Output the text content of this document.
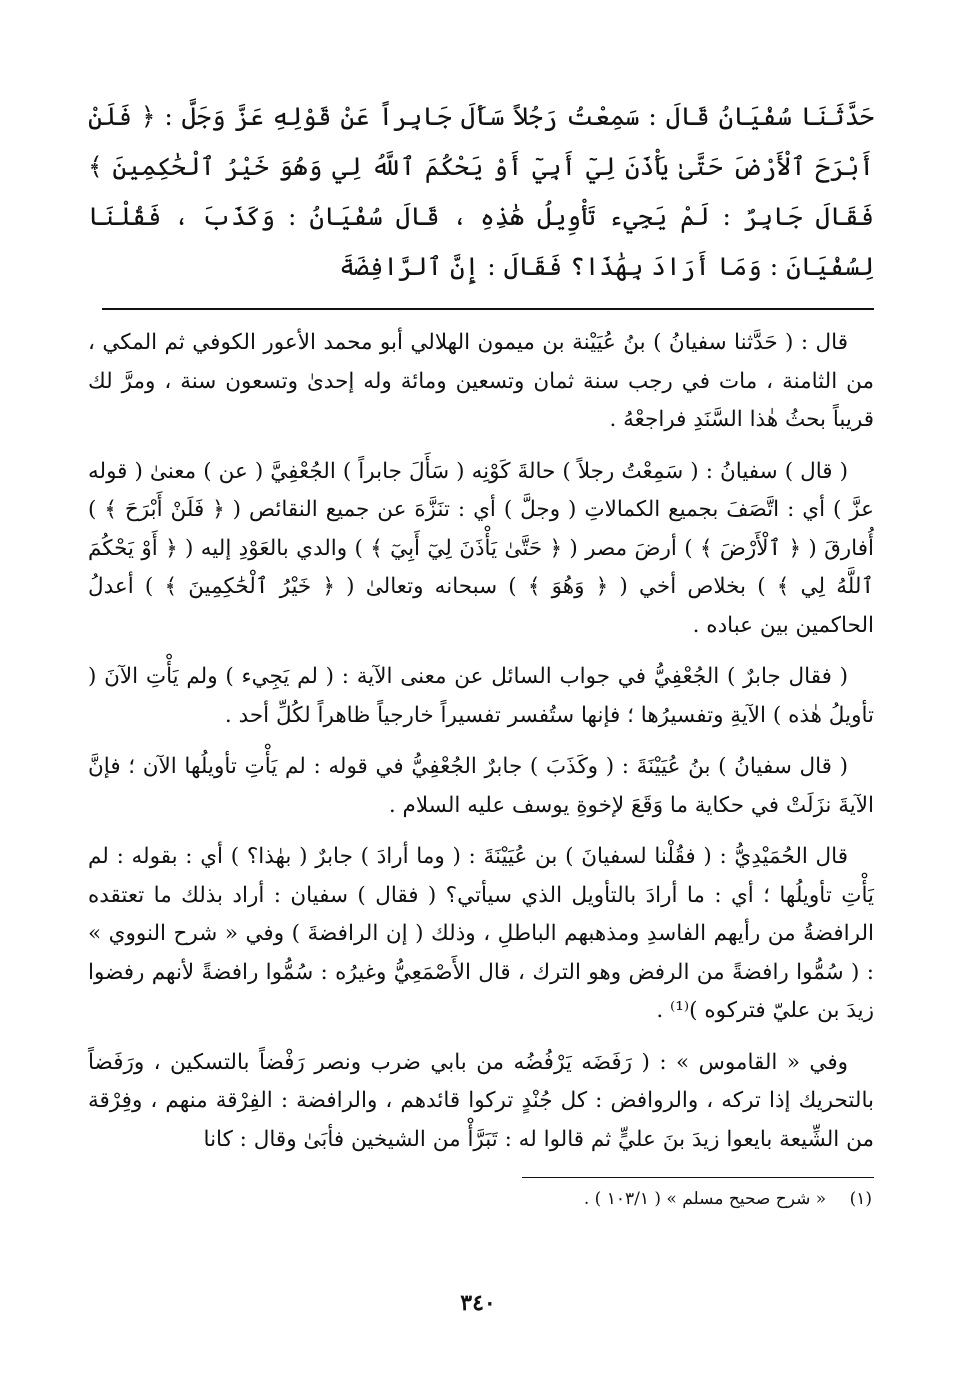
حَدَّثَنَا سُفْيَانُ قَالَ : سَمِعْتُ رَجُلاً سَأَلَ جَابِراً عَنْ قَوْلِهِ عَزَّ وَجَلَّ : ﴿ فَلَنْ أَبْرَحَ ٱلْأَرْضَ حَتَّىٰ يَأْذَنَ لِيٓ أَبِيٓ أَوْ يَحْكُمَ ٱللَّهُ لِي وَهُوَ خَيْرُ ٱلْحَٰكِمِينَ ﴾ فَقَالَ جَابِرٌ : لَمْ يَجِيء تَأْوِيلُ هَٰذِهِ ، قَالَ سُفْيَانُ : وَكَذَبَ ، فَقُلْنَا لِسُفْيَانَ : وَمَا أَرَادَ بِهَٰذَا؟ فَقَالَ : إِنَّ ٱلرَّافِضَةَ

قال : ( حَدَّثنا سفيانُ ) بنُ عُيَيْنة بن ميمون الهلالي أبو محمد الأعور الكوفي ثم المكي ، من الثامنة ، مات في رجب سنة ثمان وتسعين ومائة وله إحدىٰ وتسعون سنة ، ومرَّ لك قريباً بحثُ هٰذا السَّنَدِ فراجعْهُ .

( قال ) سفيانُ : ( سَمِعْتُ رجلاً ) حالةَ كَوْنِه ( سَأَلَ جابراً ) الجُعْفِيَّ ( عن ) معنىٰ ( قوله عزَّ ) أي : اتَّصَفَ بجميع الكمالاتِ ( وجلَّ ) أي : تنَزَّهَ عن جميع النقائص ( ﴿ فَلَنْ أَبْرَحَ ﴾ ) أُفارقَ ( ﴿ ٱلْأَرْضَ ﴾ ) أرضَ مصر ( ﴿ حَتَّىٰ يَأْذَنَ لِيٓ أَبِيٓ ﴾ ) والدي بالعَوْدِ إليه ( ﴿ أَوْ يَحْكُمَ ٱللَّهُ لِي ﴾ ) بخلاص أخي ( ﴿ وَهُوَ ﴾ ) سبحانه وتعالىٰ ( ﴿ خَيْرُ ٱلْحَٰكِمِينَ ﴾ ) أعدلُ الحاكمين بين عباده .

( فقال جابرٌ ) الجُعْفِيُّ في جواب السائل عن معنى الآية : ( لم يَجِيء ) ولم يَأْتِ الآنَ ( تأويلُ هٰذه ) الآيةِ وتفسيرُها ؛ فإنها ستُفسر تفسيراً خارجياً ظاهراً لكُلِّ أحد .

( قال سفيانُ ) بنُ عُيَيْنَةَ : ( وكَذَبَ ) جابرٌ الجُعْفِيُّ في قوله : لم يَأْتِ تأويلُها الآن ؛ فإنَّ الآيةَ نزَلَتْ في حكاية ما وَقَعَ لإخوةِ يوسف عليه السلام .

قال الحُمَيْدِيُّ : ( فقُلْنا لسفيانَ ) بن عُيَيْنَةَ : ( وما أرادَ ) جابرٌ ( بهٰذا؟ ) أي : بقوله : لم يَأْتِ تأويلُها ؛ أي : ما أرادَ بالتأويل الذي سيأتي؟ ( فقال ) سفيان : أراد بذلك ما تعتقده الرافضةُ من رأيهم الفاسدِ ومذهبهم الباطلِ ، وذلك ( إن الرافضةَ ) وفي « شرح النووي » : ( سُمُّوا رافضةً من الرفض وهو الترك ، قال الأَصْمَعِيُّ وغيرُه : سُمُّوا رافضةً لأنهم رفضوا زيدَ بن عليّ فتركوه )⁽¹⁾ .

وفي « القاموس » : ( رَفَضَه يَرْفُضُه من بابي ضرب ونصر رَفْضاً بالتسكين ، ورَفَضاً بالتحريك إذا تركه ، والروافض : كل جُنْدٍ تركوا قائدهم ، والرافضة : الفِرْقة منهم ، وفِرْقة من الشِّيعة بايعوا زيدَ بنَ عليٍّ ثم قالوا له : تَبَرَّأْ من الشيخين فأبَىٰ وقال : كانا

(١) « شرح صحيح مسلم » ( ١٠٣/١ ) .

٣٤٠
